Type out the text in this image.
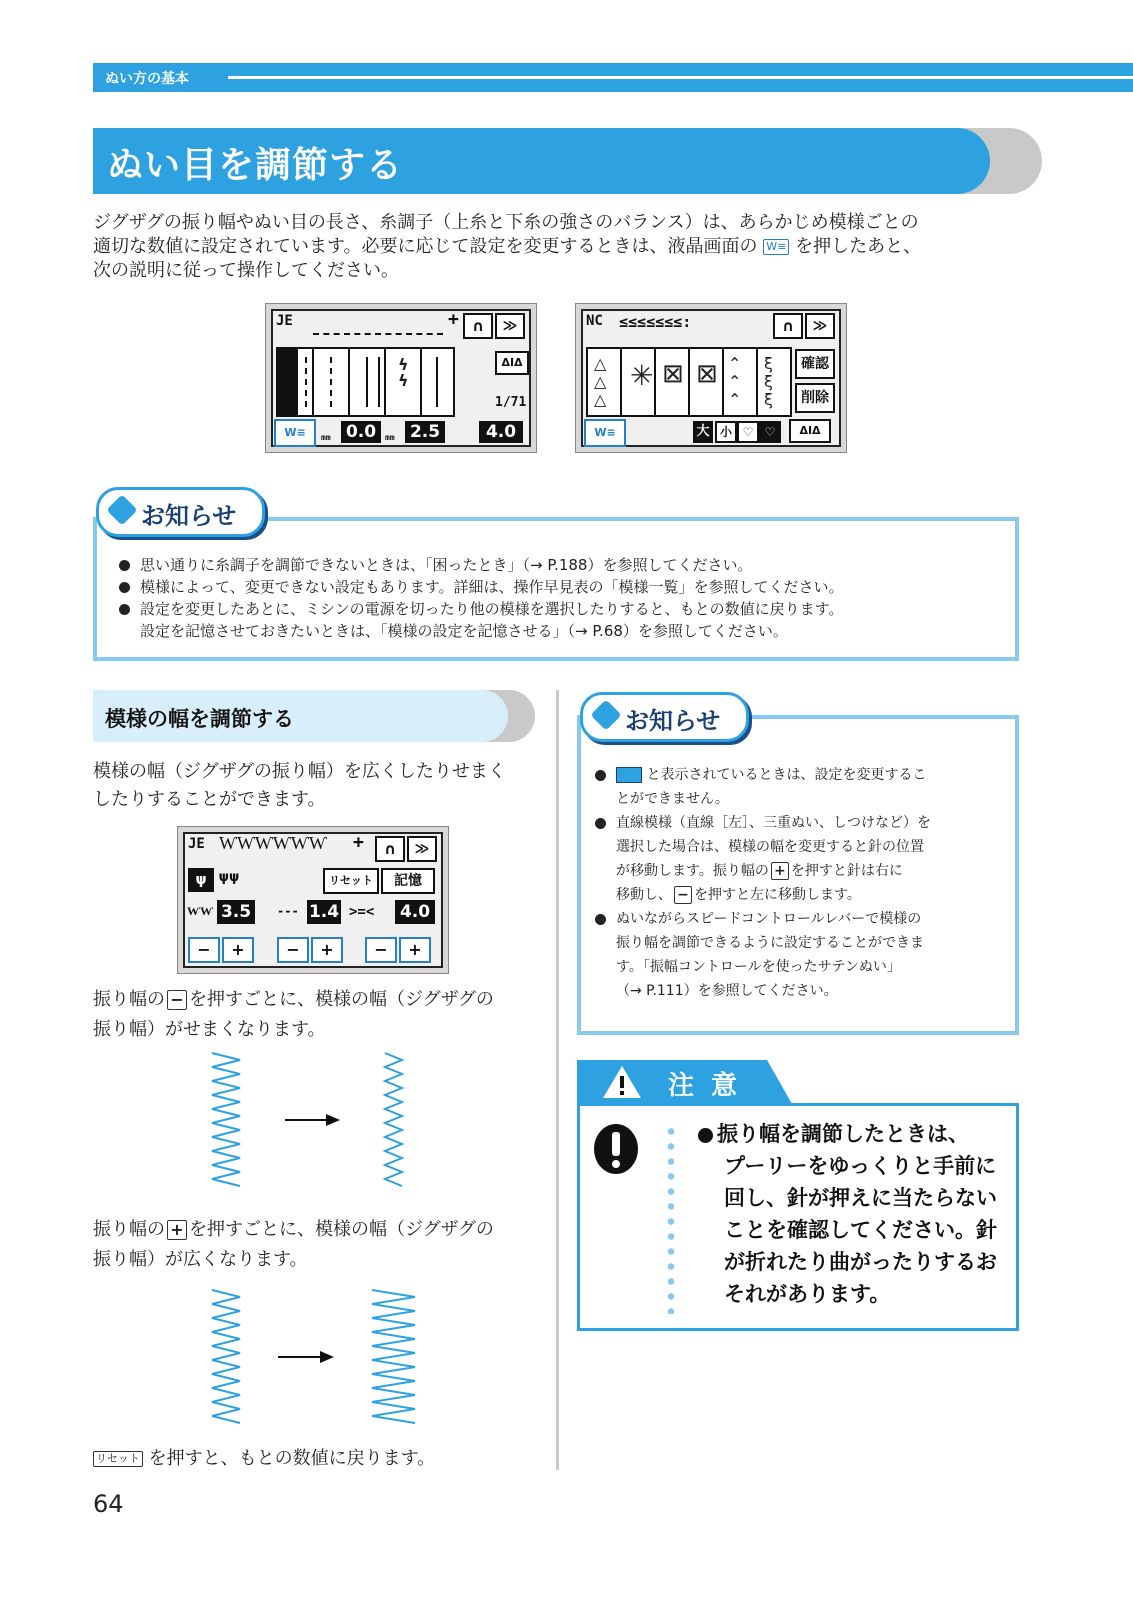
ぬい方の基本
ぬい目を調節する
ジグザグの振り幅やぬい目の長さ、糸調子（上糸と下糸の強さのバランス）は、あらかじめ模様ごとの
適切な数値に設定されています。必要に応じて設定を変更するときは、液晶画面の W≡ を押したあと、
次の説明に従って操作してください。
JE	+ ∩	≫
ϟ
ϟ
ΔIΔ
1/71
W≡	mm 0.0	mm 2.5	4.0
NC ≤≤≤≤≤≤≤:	∩	≫
△
△
△
✳ ⊠ ⊠ ⌃
⌃
⌃
ξ
ξ
ξ
確認
削除
W≡	大 小 ♡ ♡	ΔIΔ
思い通りに糸調子を調節できないときは、「困ったとき」（→ P.188）を参照してください。
模様によって、変更できない設定もあります。詳細は、操作早見表の「模様一覧」を参照してください。
設定を変更したあとに、ミシンの電源を切ったり他の模様を選択したりすると、もとの数値に戻ります。
設定を記憶させておきたいときは、「模様の設定を記憶させる」（→ P.68）を参照してください。
お知らせ
模様の幅を調節する
模様の幅（ジグザグの振り幅）を広くしたりせまく
したりすることができます。
JE ⱲⱲⱲⱲⱲⱲ +	∩	≫
ψ ψψ	リセット	記憶
ⱲⱲ 3.5	--- 1.4 >=< 4.0
−	+	−	+	−	+
振り幅の − を押すごとに、模様の幅（ジグザグの
振り幅）がせまくなります。
振り幅の + を押すごとに、模様の幅（ジグザグの
振り幅）が広くなります。
リセット を押すと、もとの数値に戻ります。
と表示されているときは、設定を変更するこ
とができません。
直線模様（直線［左］、三重ぬい、しつけなど）を
選択した場合は、模様の幅を変更すると針の位置
が移動します。振り幅の + を押すと針は右に
移動し、 − を押すと左に移動します。
ぬいながらスピードコントロールレバーで模様の
振り幅を調節できるように設定することができま
す。「振幅コントロールを使ったサテンぬい」
（→ P.111）を参照してください。
お知らせ
注 意
振り幅を調節したときは、
プーリーをゆっくりと手前に
回し、針が押えに当たらない
ことを確認してください。針
が折れたり曲がったりするお
それがあります。
64
